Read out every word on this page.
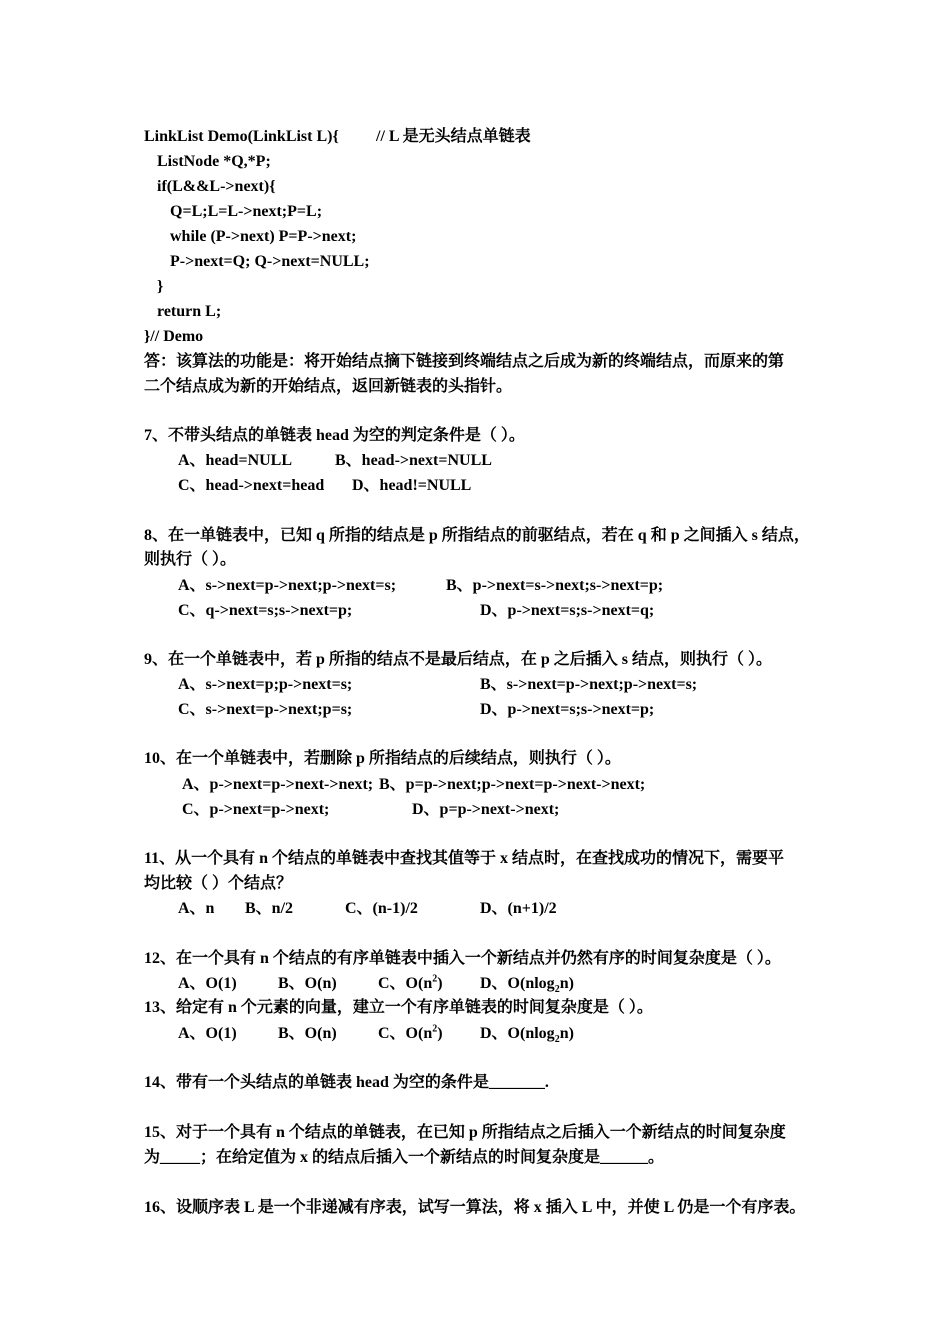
LinkList Demo(LinkList L){ // L 是无头结点单链表
ListNode *Q,*P;
if(L&&L->next){
Q=L;L=L->next;P=L;
while (P->next) P=P->next;
P->next=Q; Q->next=NULL;
}
return L;
}// Demo
答：该算法的功能是：将开始结点摘下链接到终端结点之后成为新的终端结点，而原来的第
二个结点成为新的开始结点，返回新链表的头指针。
7、不带头结点的单链表 head 为空的判定条件是（ ）。
A、head=NULL	B、head->next=NULL
C、head->next=head D、head!=NULL
8、在一单链表中，已知 q 所指的结点是 p 所指结点的前驱结点，若在 q 和 p 之间插入 s 结点，
则执行（ ）。
A、s->next=p->next;p->next=s;	B、p->next=s->next;s->next=p;
C、q->next=s;s->next=p;	D、p->next=s;s->next=q;
9、在一个单链表中，若 p 所指的结点不是最后结点，在 p 之后插入 s 结点，则执行（ ）。
A、s->next=p;p->next=s;	B、s->next=p->next;p->next=s;
C、s->next=p->next;p=s;	D、p->next=s;s->next=p;
10、在一个单链表中，若删除 p 所指结点的后续结点，则执行（ ）。
A、p->next=p->next->next; B、p=p->next;p->next=p->next->next;
C、p->next=p->next;	D、p=p->next->next;
11、从一个具有 n 个结点的单链表中查找其值等于 x 结点时，在查找成功的情况下，需要平
均比较（ ）个结点？
A、n B、n/2	C、(n-1)/2	D、(n+1)/2
12、在一个具有 n 个结点的有序单链表中插入一个新结点并仍然有序的时间复杂度是（ ）。
A、O(1)	B、O(n)	C、$O(n^2)$ D、O(nlog$_2$n)
13、给定有 n 个元素的向量，建立一个有序单链表的时间复杂度是（ ）。
A、O(1)	B、O(n)	C、$O(n^2)$ D、O(nlog$_2$n)
14、带有一个头结点的单链表 head 为空的条件是_______.
15、对于一个具有 n 个结点的单链表，在已知 p 所指结点之后插入一个新结点的时间复杂度
为_____；在给定值为 x 的结点后插入一个新结点的时间复杂度是______。
16、设顺序表 L 是一个非递减有序表，试写一算法，将 x 插入 L 中，并使 L 仍是一个有序表。
